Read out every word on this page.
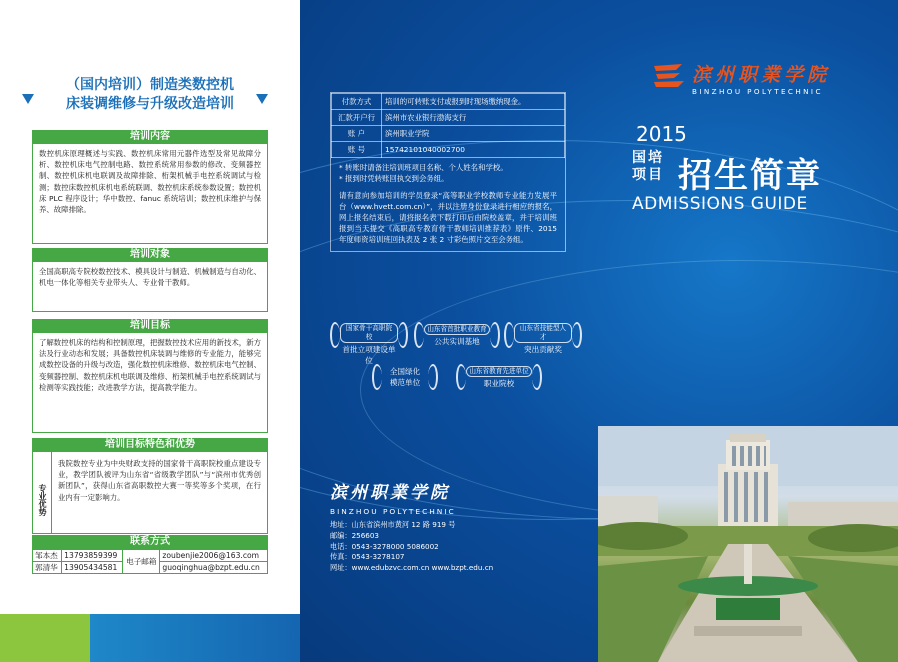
（国内培训）制造类数控机
床装调维修与升级改造培训
培训内容
数控机床原理概述与实践、数控机床常用元器件选型及常见故障分析、数控机床电气控制电路、数控系统常用参数的修改、变频器控制、数控机床机电联调及故障排除、桁架机械手电控系统调试与检测；数控床数控机床机电系统联调、数控机床系统参数设置；数控机床 PLC 程序设计；华中数控、fanuc 系统培训；数控机床维护与保养、故障排除。
培训对象
全国高职高专院校数控技术、模具设计与制造、机械制造与自动化、机电一体化等相关专业带头人、专业骨干教师。
培训目标
了解数控机床的结构和控制原理，把握数控技术应用的新技术，新方法及行业动态和发展；具备数控机床装调与维修的专业能力，能够完成数控设备的升级与改造，强化数控机床维修、数控机床电气控制、变频器控制、数控机床机电联调及维修、桁架机械手电控系统调试与检测等实践技能；改进教学方法，提高教学能力。
培训目标特色和优势
专业优势
我院数控专业为中央财政支持的国家骨干高职院校重点建设专业，教学团队被评为山东省“省级教学团队”与“滨州市优秀创新团队”，获得山东省高职数控大赛一等奖等多个奖项，在行业内有一定影响力。
联系方式
邹本杰	13793859399	电子邮箱	zoubenjie2006@163.com
郭清华	13905434581		guoqinghua@bzpt.edu.cn
付款方式	培训的可转账支付或报到时现场缴纳现金。
汇款开户行	滨州市农业银行渤海支行
账 户	滨州职业学院
账 号	15742101040002700
* 转账时请备注培训班项目名称、个人姓名和学校。
* 报到时凭转账回执交到会务组。
请有意向参加培训的学员登录“高等职业学校教师专业能力发展平台（www.hvett.com.cn）”，并以注册身份登录进行相应的报名，网上报名结束后，请将报名表下载打印后由院校盖章，并于培训班报到当天提交《高职高专教育骨干教师培训推荐表》原件、2015 年度师资培训班回执表及 2 张 2 寸彩色照片交至会务组。
国家骨干高职院校
首批立项建设单位
山东省首批职业教育
公共实训基地
山东省技能型人才
突出贡献奖
全国绿化
模范单位
山东省教育先进单位
职业院校
滨州职業学院
BINZHOU POLYTECHNIC
地址：山东省滨州市黄河 12 路 919 号
邮编：256603
电话：0543-3278000 5086002
传真：0543-3278107
网址：www.edubzvc.com.cn www.bzpt.edu.cn
滨州职業学院
BINZHOU POLYTECHNIC
2015
国培
项目 招生简章
ADMISSIONS GUIDE
